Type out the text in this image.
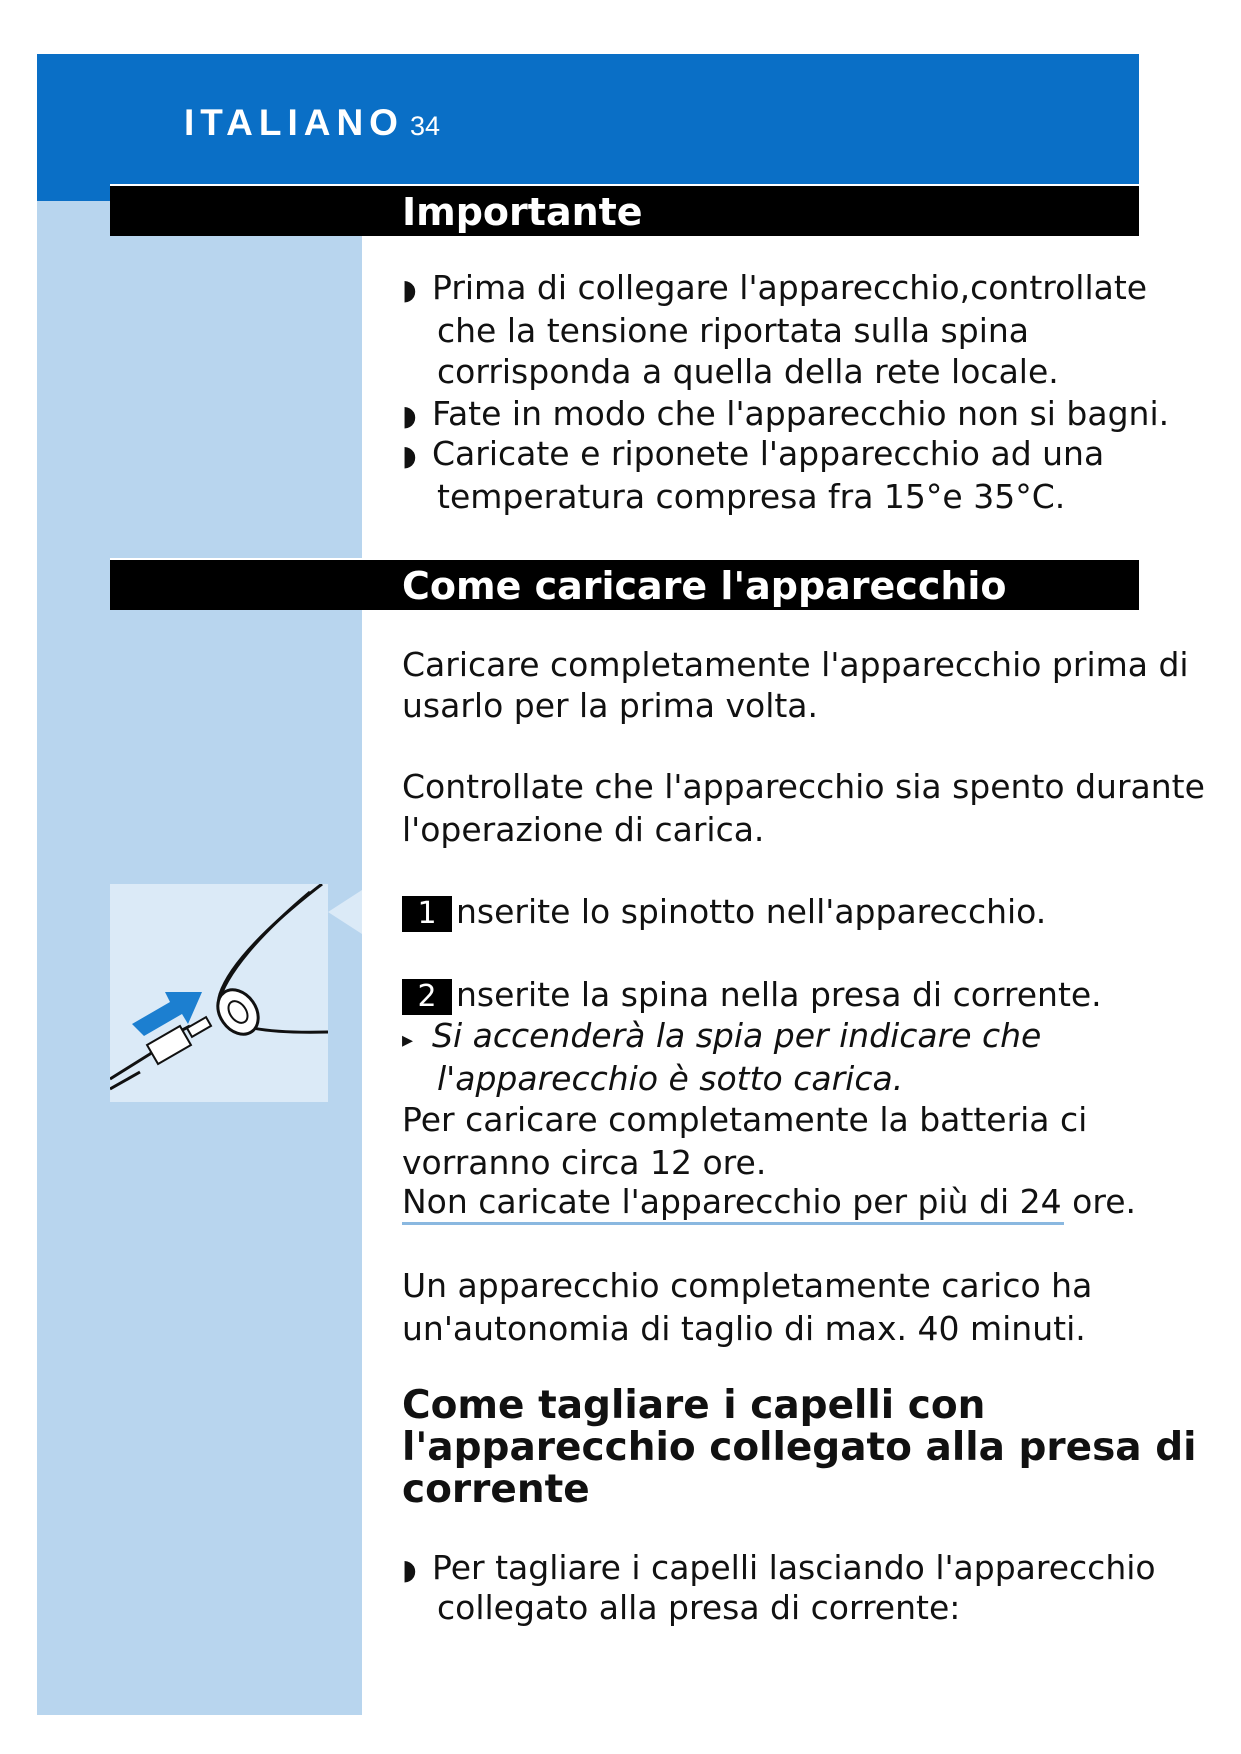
ITALIANO 34
Importante
◗ Prima di collegare l'apparecchio,controllate
che la tensione riportata sulla spina
corrisponda a quella della rete locale.
◗ Fate in modo che l'apparecchio non si bagni.
◗ Caricate e riponete l'apparecchio ad una
temperatura compresa fra 15°e 35°C.
Come caricare l'apparecchio
Caricare completamente l'apparecchio prima di
usarlo per la prima volta.
Controllate che l'apparecchio sia spento durante
l'operazione di carica.
1 nserite lo spinotto nell'apparecchio.
2 nserite la spina nella presa di corrente.
▸ Si accenderà la spia per indicare che
l'apparecchio è sotto carica.
Per caricare completamente la batteria ci
vorranno circa 12 ore.
Non caricate l'apparecchio per più di 24 ore.
Un apparecchio completamente carico ha
un'autonomia di taglio di max. 40 minuti.
Come tagliare i capelli con
l'apparecchio collegato alla presa di
corrente
◗ Per tagliare i capelli lasciando l'apparecchio
collegato alla presa di corrente:
